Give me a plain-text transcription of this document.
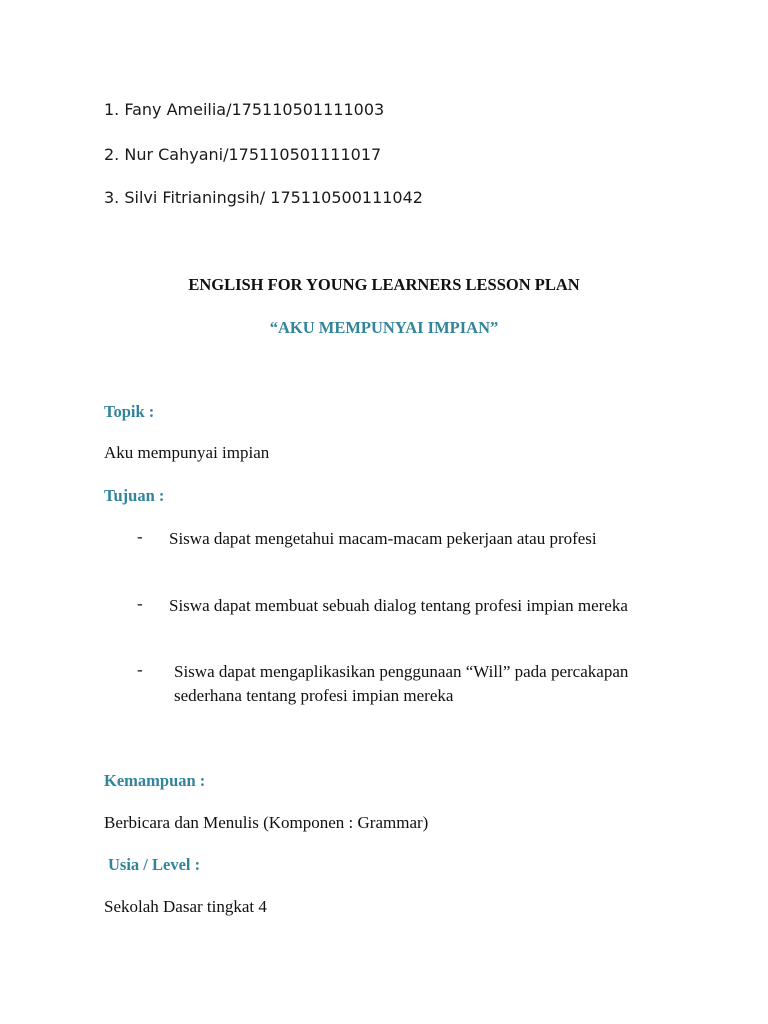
1. Fany Ameilia/175110501111003
2. Nur Cahyani/175110501111017
3. Silvi Fitrianingsih/ 175110500111042
ENGLISH FOR YOUNG LEARNERS LESSON PLAN
“AKU MEMPUNYAI IMPIAN”
Topik :
Aku mempunyai impian
Tujuan :
- Siswa dapat mengetahui macam-macam pekerjaan atau profesi
- Siswa dapat membuat sebuah dialog tentang profesi impian mereka
- Siswa dapat mengaplikasikan penggunaan “Will” pada percakapan sederhana tentang profesi impian mereka
Kemampuan :
Berbicara dan Menulis (Komponen : Grammar)
Usia / Level :
Sekolah Dasar tingkat 4
